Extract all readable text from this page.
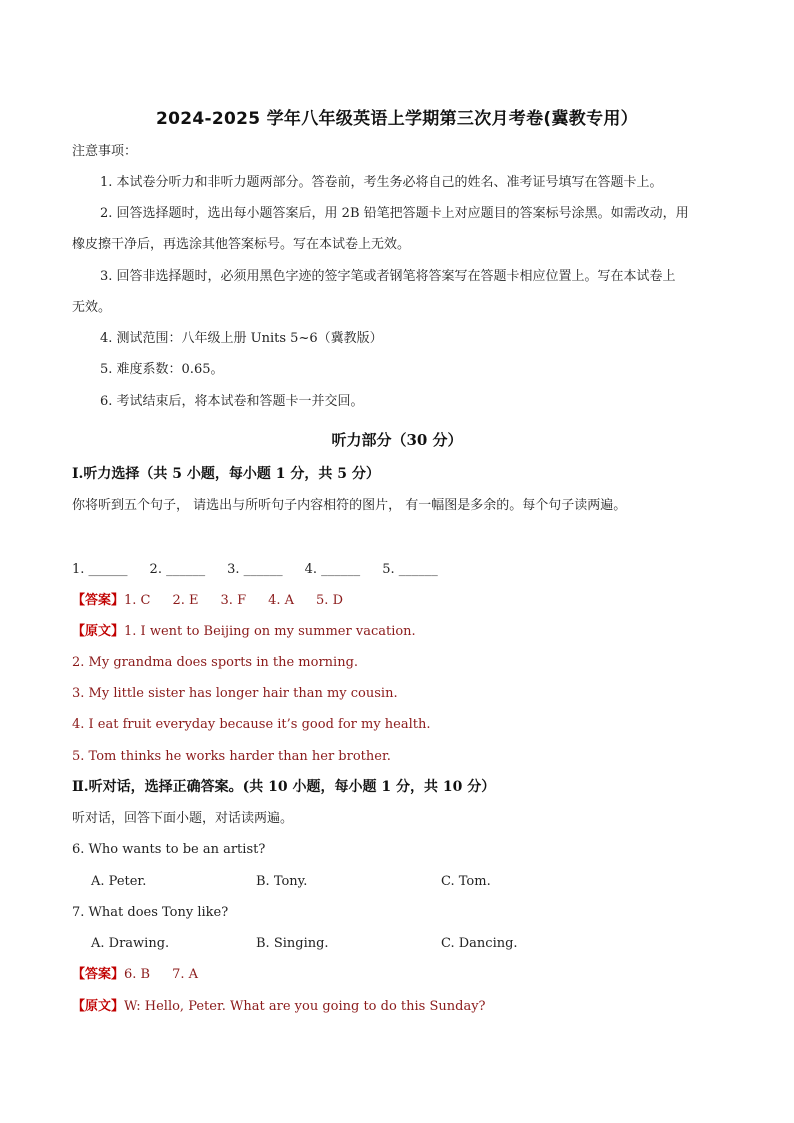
2024-2025 学年八年级英语上学期第三次月考卷(冀教专用）
注意事项：
1. 本试卷分听力和非听力题两部分。答卷前，考生务必将自己的姓名、准考证号填写在答题卡上。
2. 回答选择题时，选出每小题答案后，用 2B 铅笔把答题卡上对应题目的答案标号涂黑。如需改动，用
橡皮擦干净后，再选涂其他答案标号。写在本试卷上无效。
3. 回答非选择题时，必须用黑色字迹的签字笔或者钢笔将答案写在答题卡相应位置上。写在本试卷上
无效。
4. 测试范围：八年级上册 Units 5~6（冀教版）
5. 难度系数：0.65。
6. 考试结束后，将本试卷和答题卡一并交回。
听力部分（30 分）
Ⅰ.听力选择（共 5 小题，每小题 1 分，共 5 分）
你将听到五个句子， 请选出与所听句子内容相符的图片， 有一幅图是多余的。每个句子读两遍。
1. ______ 2. ______ 3. ______ 4. ______ 5. ______
【答案】1. C 2. E 3. F 4. A 5. D
【原文】1. I went to Beijing on my summer vacation.
2. My grandma does sports in the morning.
3. My little sister has longer hair than my cousin.
4. I eat fruit everyday because it’s good for my health.
5. Tom thinks he works harder than her brother.
Ⅱ.听对话，选择正确答案。(共 10 小题，每小题 1 分，共 10 分）
听对话，回答下面小题，对话读两遍。
6. Who wants to be an artist?
A. Peter.	B. Tony.	C. Tom.
7. What does Tony like?
A. Drawing.	B. Singing.	C. Dancing.
【答案】6. B 7. A
【原文】W: Hello, Peter. What are you going to do this Sunday?
